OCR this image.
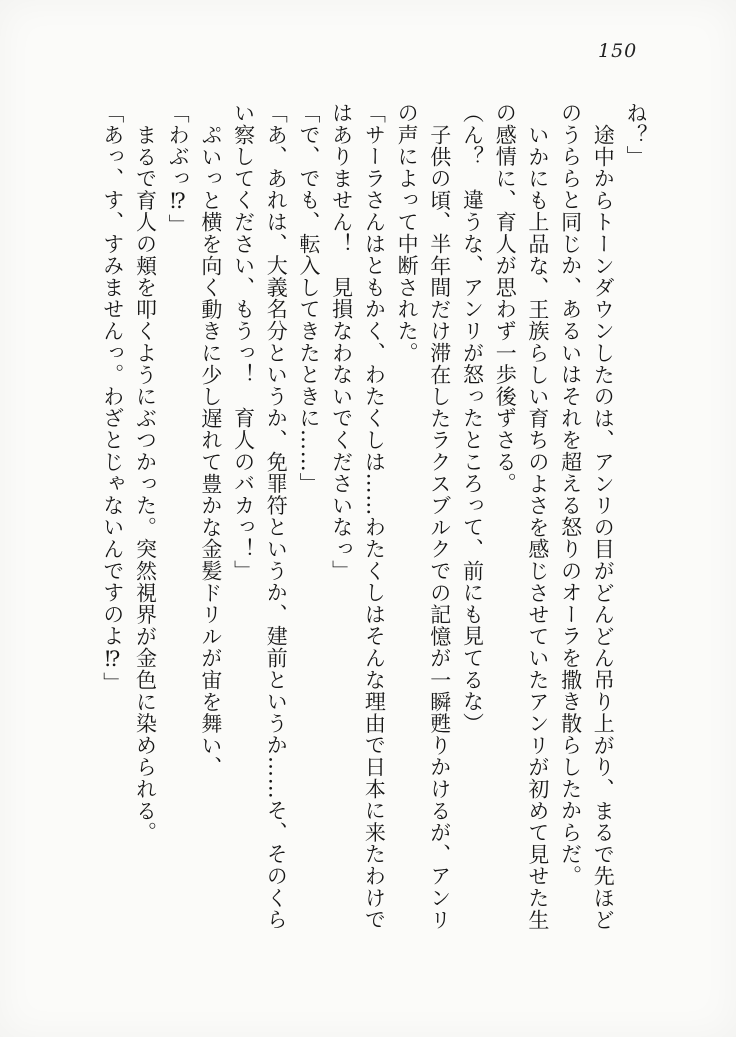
150

ね？」

途中からトーンダウンしたのは、アンリの目がどんどん吊り上がり、まるで先ほどのうららと同じか、あるいはそれを超える怒りのオーラを撒き散らしたからだ。

いかにも上品な、王族らしい育ちのよさを感じさせていたアンリが初めて見せた生の感情に、育人が思わず一歩後ずさる。

（ん？　違うな、アンリが怒ったところって、前にも見てるな）

子供の頃、半年間だけ滞在したラクスブルクでの記憶が一瞬甦りかけるが、アンリの声によって中断された。

「サーラさんはともかく、わたくしは……わたくしはそんな理由で日本に来たわけではありません！　見損なわないでくださいなっ」

「で、でも、転入してきたときに……」

「あ、あれは、大義名分というか、免罪符というか、建前というか……そ、そのくらい察してください、もうっ！　育人のバカっ！」

ぷいっと横を向く動きに少し遅れて豊かな金髪ドリルが宙を舞い、

「わぶっ⁉」

まるで育人の頬を叩くようにぶつかった。突然視界が金色に染められる。

「あっ、す、すみませんっ。わざとじゃないんですのよ⁉」
